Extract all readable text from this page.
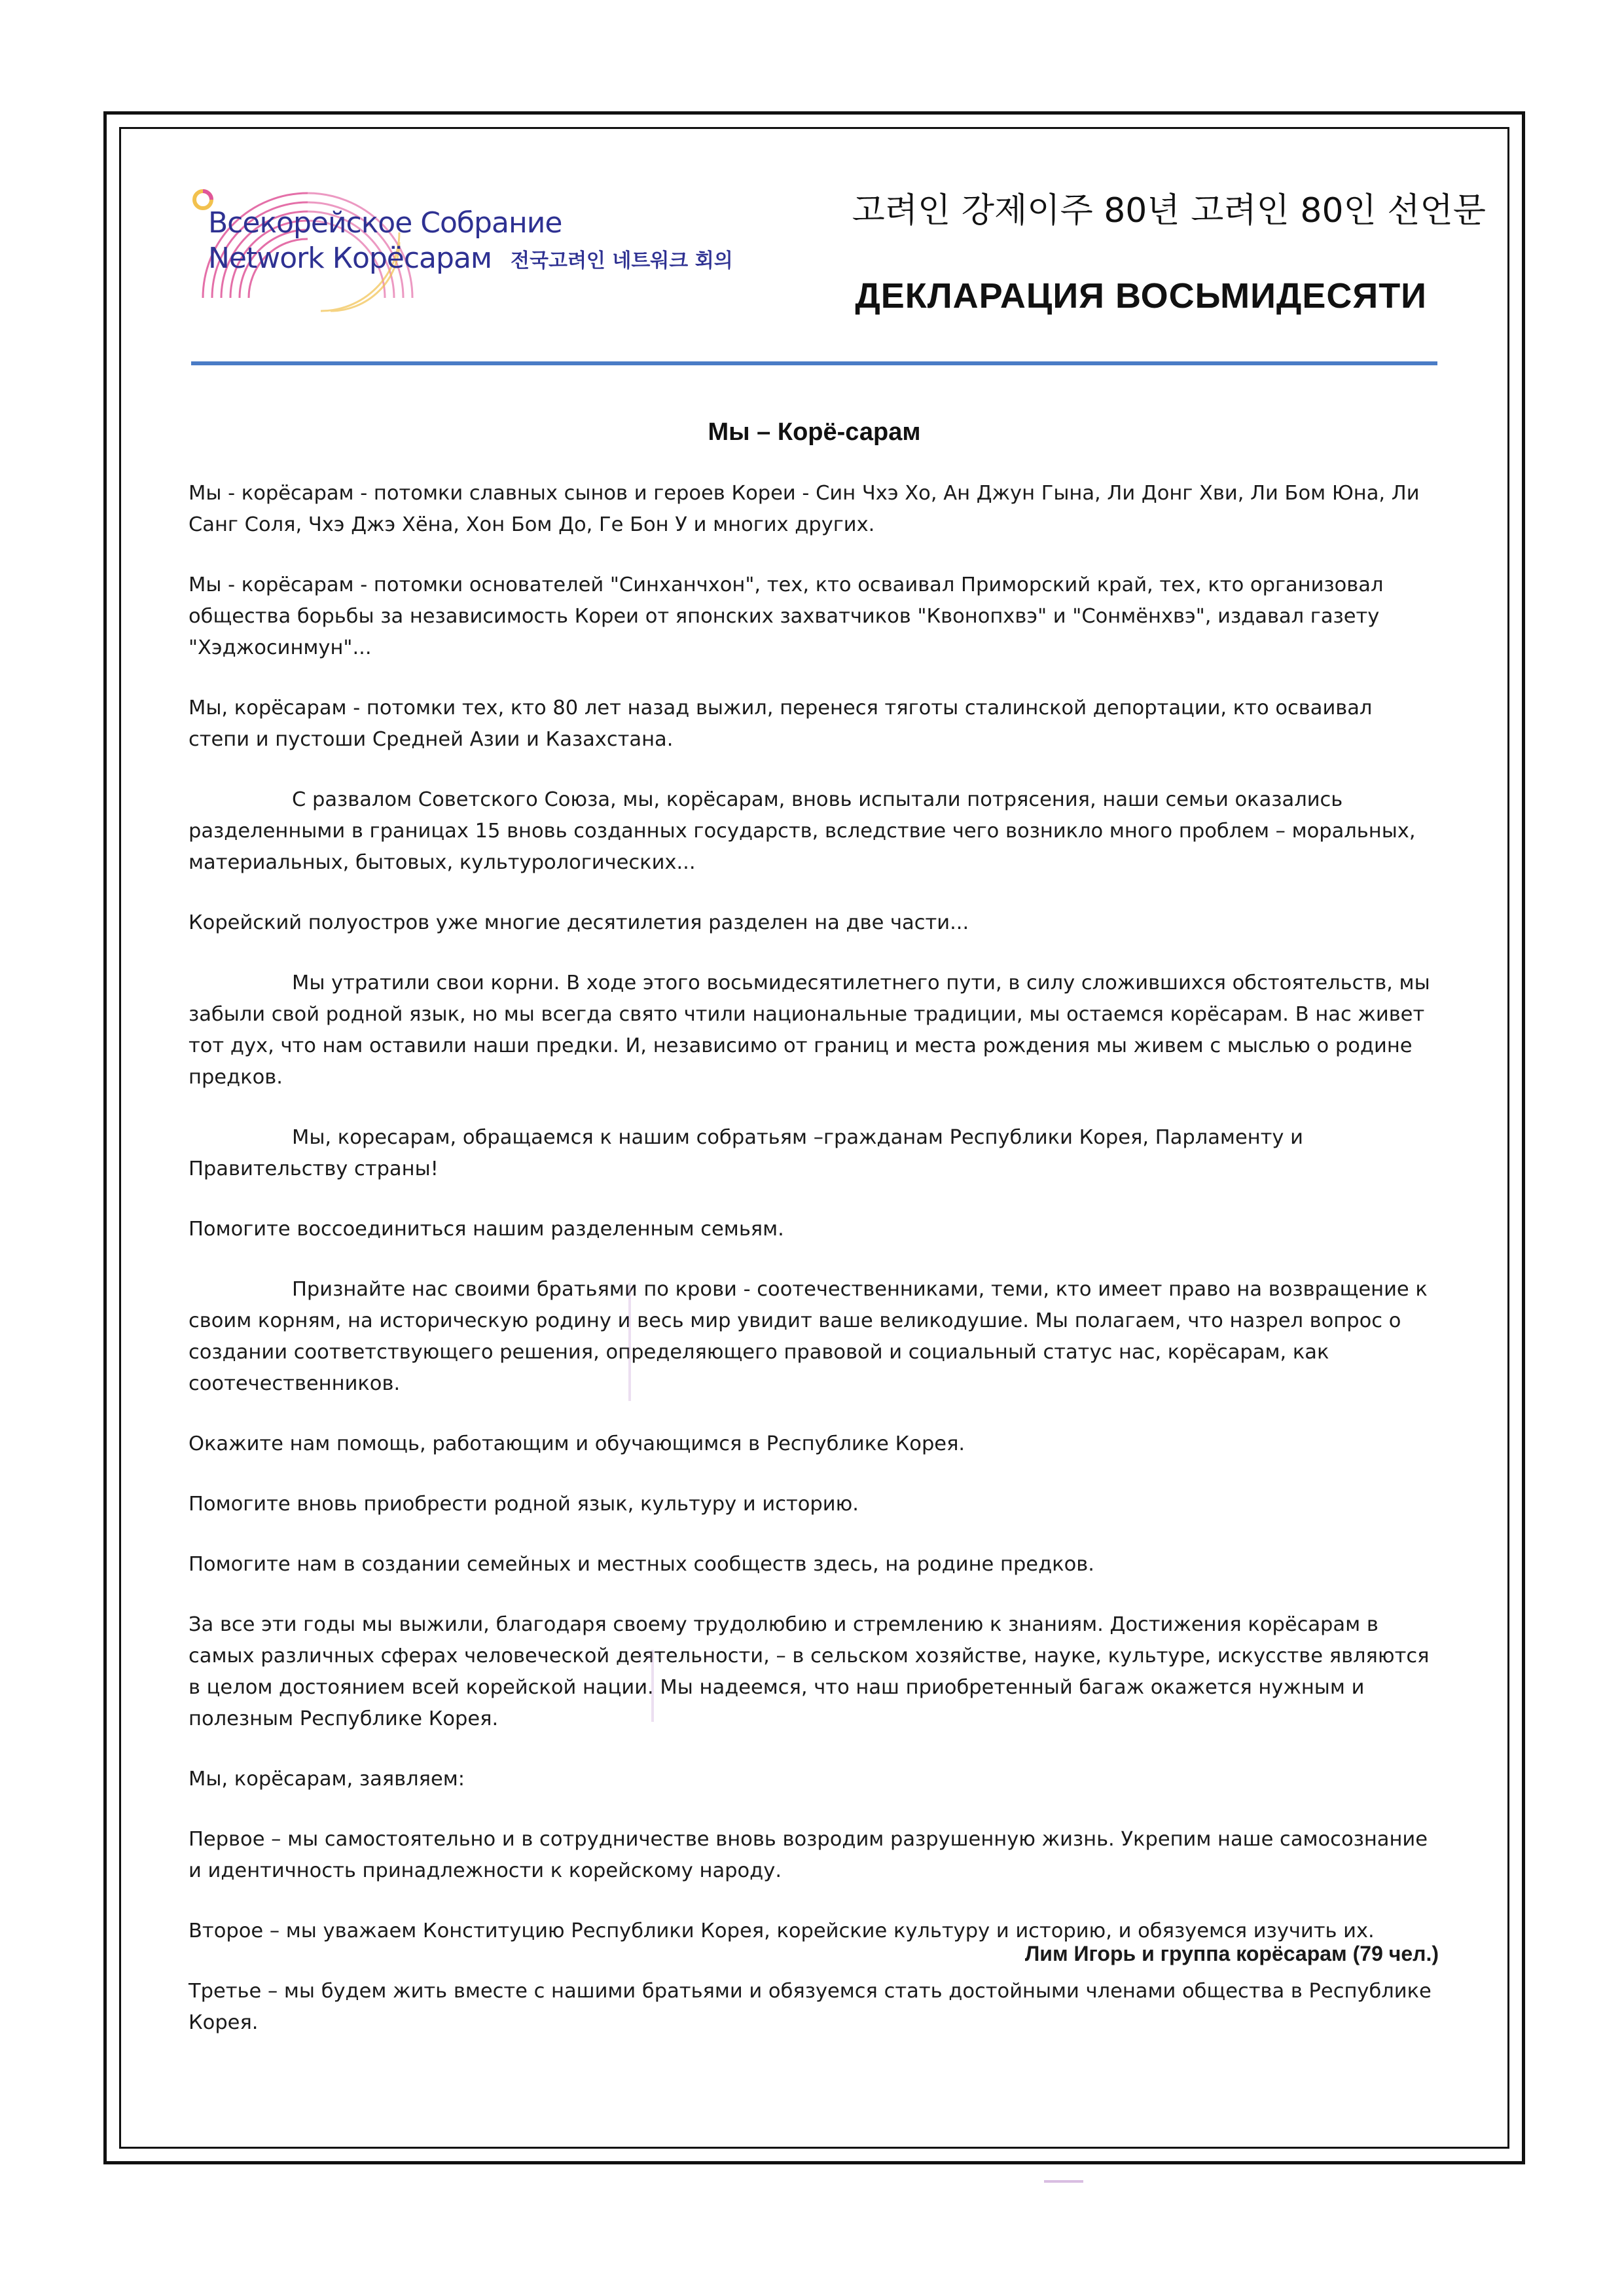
Всекорейское Собрание
Network Корёсарам 전국고려인 네트워크 회의
고려인 강제이주 80년 고려인 80인 선언문
ДЕКЛАРАЦИЯ ВОСЬМИДЕСЯТИ
Мы – Корё-сарам

Мы - корёсарам - потомки славных сынов и героев Кореи - Син Чхэ Хо, Ан Джун Гына, Ли Донг Хви, Ли Бом Юна, Ли Санг Соля, Чхэ Джэ Хёна, Хон Бом До, Ге Бон У и многих других.

Мы - корёсарам - потомки основателей "Синханчхон", тех, кто осваивал Приморский край, тех, кто организовал общества борьбы за независимость Кореи от японских захватчиков "Квонопхвэ" и "Сонмёнхвэ", издавал газету "Хэджосинмун"...

Мы, корёсарам - потомки тех, кто 80 лет назад выжил, перенеся тяготы сталинской депортации, кто осваивал степи и пустоши Средней Азии и Казахстана.

С развалом Советского Союза, мы, корёсарам, вновь испытали потрясения, наши семьи оказались разделенными в границах 15 вновь созданных государств, вследствие чего возникло много проблем – моральных, материальных, бытовых, культурологических...

Корейский полуостров уже многие десятилетия разделен на две части...

Мы утратили свои корни. В ходе этого восьмидесятилетнего пути, в силу сложившихся обстоятельств, мы забыли свой родной язык, но мы всегда свято чтили национальные традиции, мы остаемся корёсарам. В нас живет тот дух, что нам оставили наши предки. И, независимо от границ и места рождения мы живем с мыслью о родине предков.

Мы, коресарам, обращаемся к нашим собратьям –гражданам Республики Корея, Парламенту и Правительству страны!

Помогите воссоединиться нашим разделенным семьям.

Признайте нас своими братьями по крови - соотечественниками, теми, кто имеет право на возвращение к своим корням, на историческую родину и весь мир увидит ваше великодушие. Мы полагаем, что назрел вопрос о создании соответствующего решения, определяющего правовой и социальный статус нас, корёсарам, как соотечественников.

Окажите нам помощь, работающим и обучающимся в Республике Корея.

Помогите вновь приобрести родной язык, культуру и историю.

Помогите нам в создании семейных и местных сообществ здесь, на родине предков.

За все эти годы мы выжили, благодаря своему трудолюбию и стремлению к знаниям. Достижения корёсарам в самых различных сферах человеческой деятельности, – в сельском хозяйстве, науке, культуре, искусстве являются в целом достоянием всей корейской нации. Мы надеемся, что наш приобретенный багаж окажется нужным и полезным Республике Корея.

Мы, корёсарам, заявляем:

Первое – мы самостоятельно и в сотрудничестве вновь возродим разрушенную жизнь. Укрепим наше самосознание и идентичность принадлежности к корейскому народу.

Второе – мы уважаем Конституцию Республики Корея, корейские культуру и историю, и обязуемся изучить их.

Третье – мы будем жить вместе с нашими братьями и обязуемся стать достойными членами общества в Республике Корея.

Лим Игорь и группа корёсарам (79 чел.)
